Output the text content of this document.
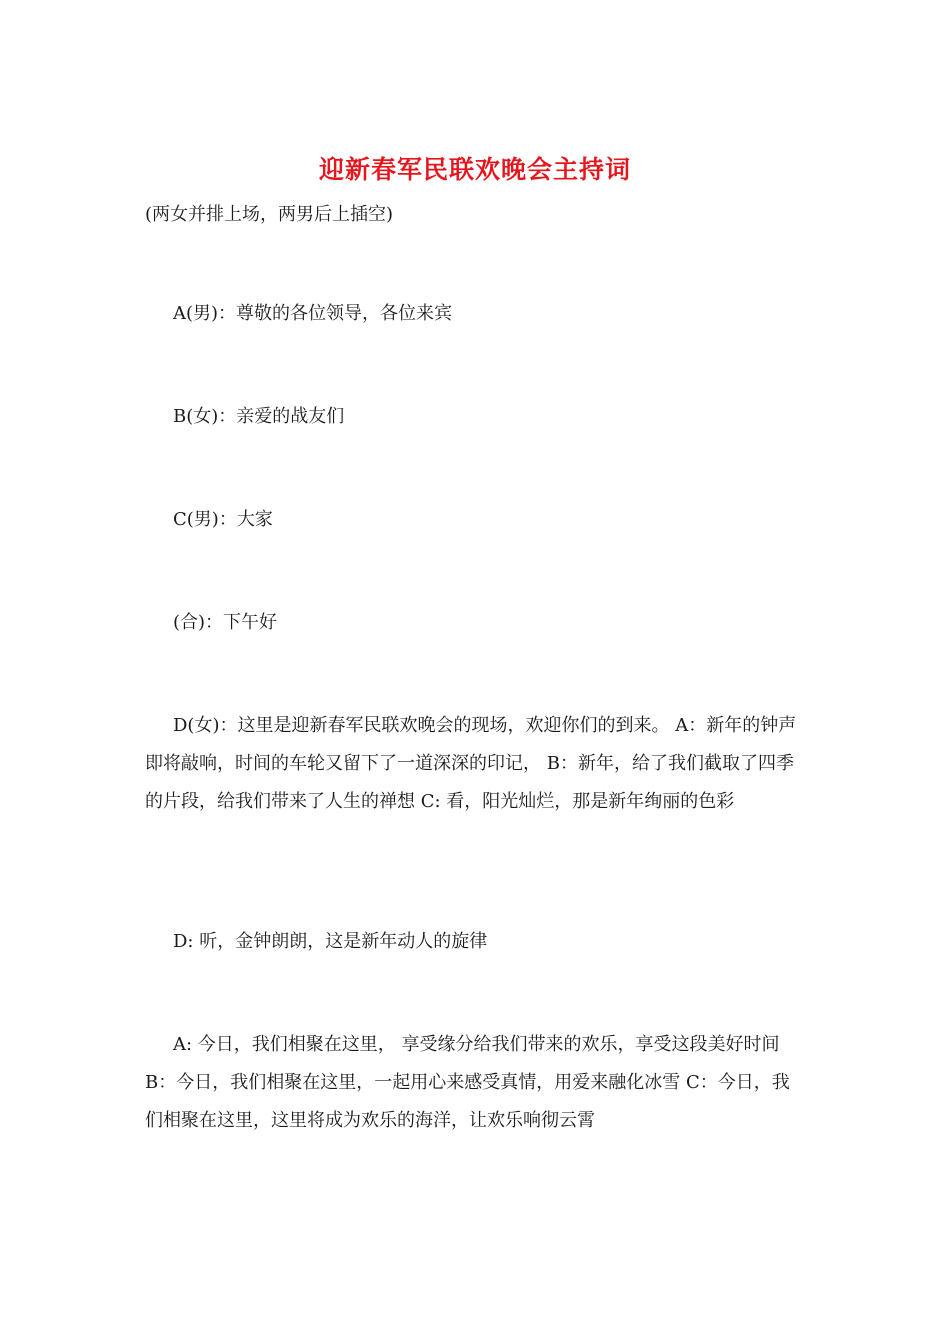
迎新春军民联欢晚会主持词

(两女并排上场，两男后上插空)

A(男)：尊敬的各位领导，各位来宾

B(女)：亲爱的战友们

C(男)：大家

(合)：下午好

D(女)：这里是迎新春军民联欢晚会的现场，欢迎你们的到来。 A：新年的钟声即将敲响，时间的车轮又留下了一道深深的印记， B：新年，给了我们截取了四季的片段，给我们带来了人生的禅想 C: 看，阳光灿烂，那是新年绚丽的色彩

D: 听，金钟朗朗，这是新年动人的旋律

A: 今日，我们相聚在这里， 享受缘分给我们带来的欢乐，享受这段美好时间 B：今日，我们相聚在这里，一起用心来感受真情，用爱来融化冰雪 C：今日，我们相聚在这里，这里将成为欢乐的海洋，让欢乐响彻云霄
